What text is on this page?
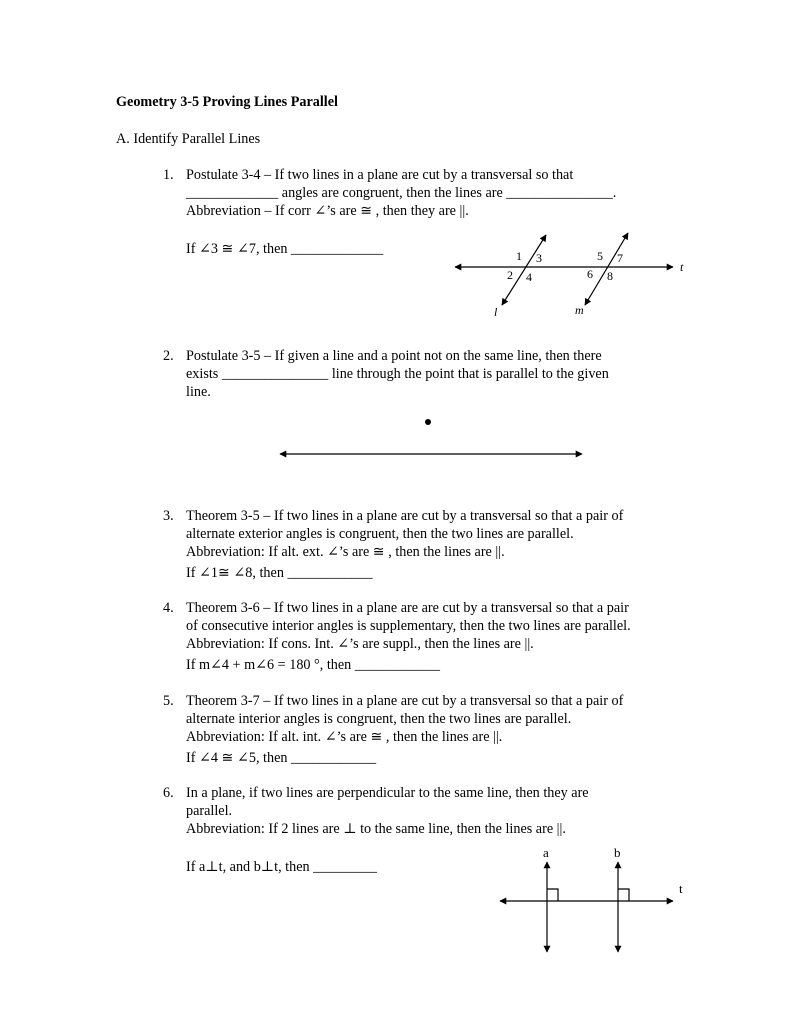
Geometry 3-5 Proving Lines Parallel
A. Identify Parallel Lines
1. Postulate 3-4 – If two lines in a plane are cut by a transversal so that
_____________ angles are congruent, then the lines are _______________.
Abbreviation – If corr ∠’s are ≅ , then they are ||.
If ∠3 ≅ ∠7, then _____________
2. Postulate 3-5 – If given a line and a point not on the same line, then there
exists _______________ line through the point that is parallel to the given
line.
3. Theorem 3-5 – If two lines in a plane are cut by a transversal so that a pair of
alternate exterior angles is congruent, then the two lines are parallel.
Abbreviation: If alt. ext. ∠’s are ≅ , then the lines are ||.
If ∠1≅ ∠8, then ____________
4. Theorem 3-6 – If two lines in a plane are are cut by a transversal so that a pair
of consecutive interior angles is supplementary, then the two lines are parallel.
Abbreviation: If cons. Int. ∠’s are suppl., then the lines are ||.
If m∠4 + m∠6 = 180 °, then ____________
5. Theorem 3-7 – If two lines in a plane are cut by a transversal so that a pair of
alternate interior angles is congruent, then the two lines are parallel.
Abbreviation: If alt. int. ∠’s are ≅ , then the lines are ||.
If ∠4 ≅ ∠5, then ____________
6. In a plane, if two lines are perpendicular to the same line, then they are
parallel.
Abbreviation: If 2 lines are ⊥ to the same line, then the lines are ||.
If a⊥t, and b⊥t, then _________
1 3
2 4
5 7
6 8
t
l	m
a	b
t
